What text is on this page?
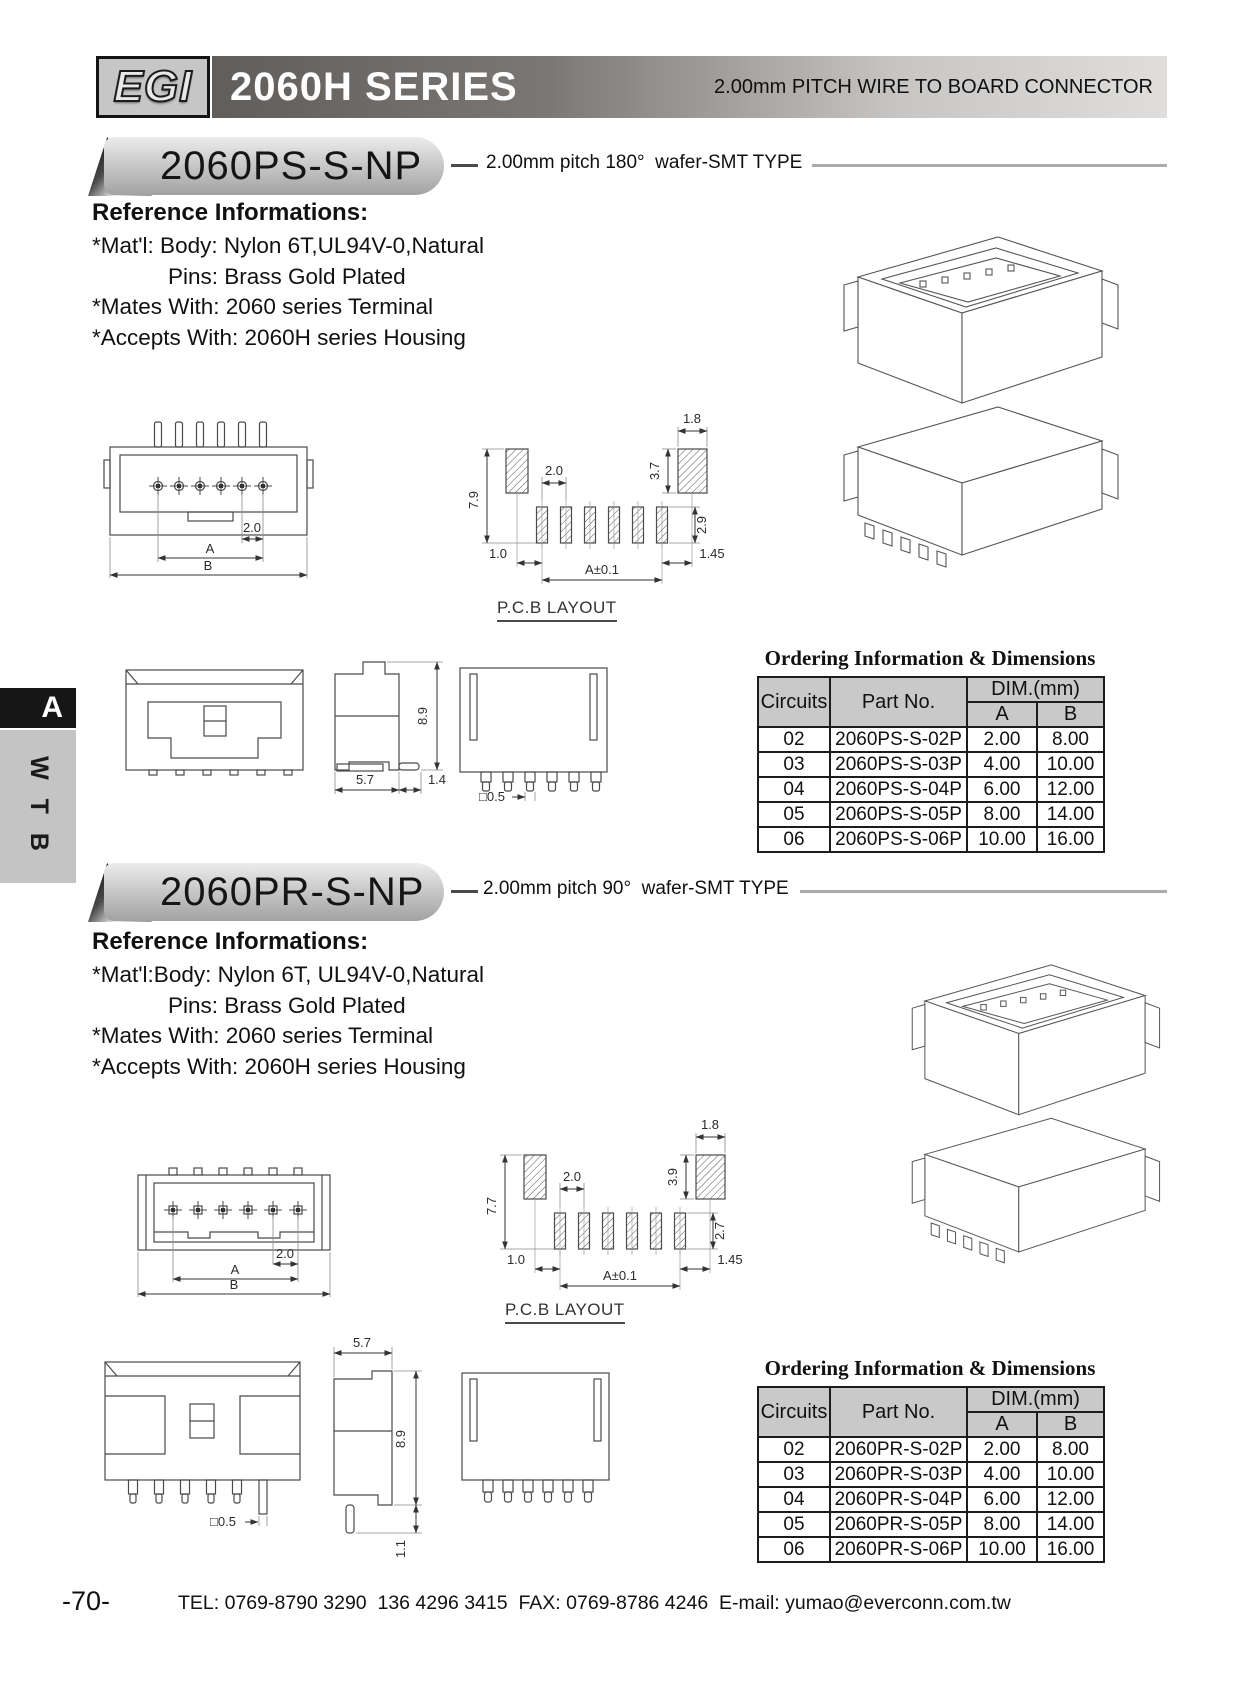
EGI 2060H SERIES	2.00mm PITCH WIRE TO BOARD CONNECTOR
2060PS-S-NP	2.00mm pitch 180°  wafer-SMT TYPE
Reference Informations:
*Mat'l: Body: Nylon 6T,UL94V-0,Natural
Pins: Brass Gold Plated
*Mates With: 2060 series Terminal
*Accepts With: 2060H series Housing
2.0
A
B
7.9
2.0
1.8
3.7
2.9
1.0
A±0.1
1.45
P.C.B LAYOUT
8.9
5.7	1.4
□0.5
Ordering Information & Dimensions
Circuits	Part No.	DIM.(mm)	
		A	B
02	2060PS-S-02P	2.00	8.00
03	2060PS-S-03P	4.00	10.00
04	2060PS-S-04P	6.00	12.00
05	2060PS-S-05P	8.00	14.00
06	2060PS-S-06P	10.00	16.00
A
W T B
2060PR-S-NP	2.00mm pitch 90°  wafer-SMT TYPE
Reference Informations:
*Mat'l:Body: Nylon 6T, UL94V-0,Natural
Pins: Brass Gold Plated
*Mates With: 2060 series Terminal
*Accepts With: 2060H series Housing
2.0
A
B
7.7
2.0
1.8
3.9
2.7
1.0
A±0.1
1.45
P.C.B LAYOUT
□0.5
5.7
8.9
1.1
Ordering Information & Dimensions
Circuits	Part No.	DIM.(mm)	
		A	B
02	2060PR-S-02P	2.00	8.00
03	2060PR-S-03P	4.00	10.00
04	2060PR-S-04P	6.00	12.00
05	2060PR-S-05P	8.00	14.00
06	2060PR-S-06P	10.00	16.00
-70-	TEL: 0769-8790 3290  136 4296 3415  FAX: 0769-8786 4246  E-mail: yumao@everconn.com.tw
